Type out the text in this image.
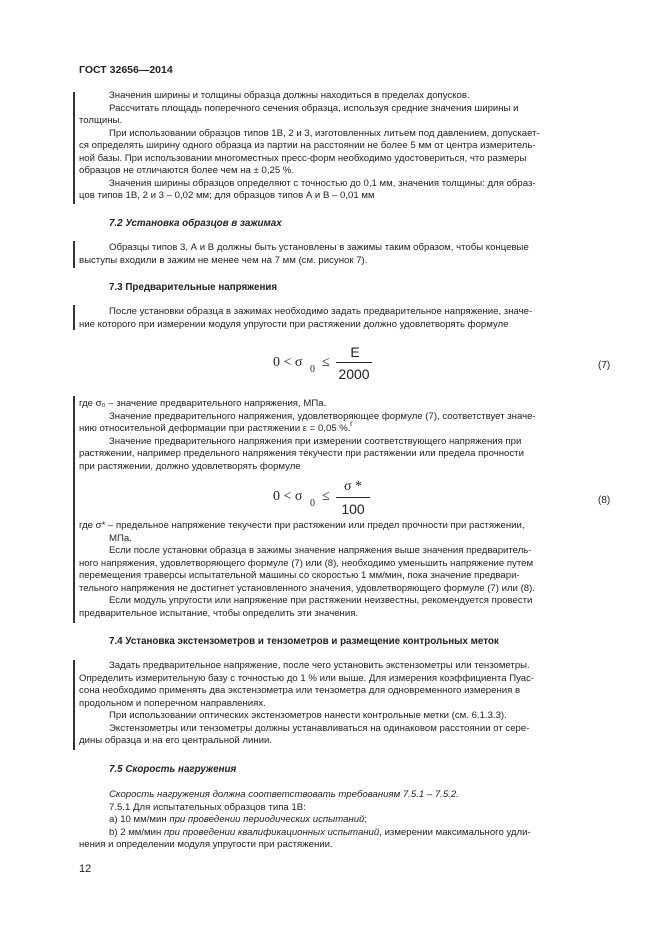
ГОСТ 32656—2014
Значения ширины и толщины образца должны находиться в пределах допусков.
Рассчитать площадь поперечного сечения образца, используя средние значения ширины и
толщины.
При использовании образцов типов 1B, 2 и 3, изготовленных литьем под давлением, допускает-
ся определять ширину одного образца из партии на расстоянии не более 5 мм от центра измеритель-
ной базы. При использовании многоместных пресс-форм необходимо удостовериться, что размеры
образцов не отличаются более чем на ± 0,25 %.
Значения ширины образцов определяют с точностью до 0,1 мм, значения толщины: для образ-
цов типов 1B, 2 и 3 – 0,02 мм; для образцов типов А и В – 0,01 мм
7.2 Установка образцов в зажимах
Образцы типов 3, А и В должны быть установлены в зажимы таким образом, чтобы концевые
выступы входили в зажим не менее чем на 7 мм (см. рисунок 7).
7.3 Предварительные напряжения
После установки образца в зажимах необходимо задать предварительное напряжение, значе-
ние которого при измерении модуля упругости при растяжении должно удовлетворять формуле
0 < σ 0 ≤
E
2000
(7)
где σ₀ – значение предварительного напряжения, МПа.
Значение предварительного напряжения, удовлетворяющее формуле (7), соответствует значе-
нию относительной деформации при растяжении ε = 0,05 %. r
Значение предварительного напряжения при измерении соответствующего напряжения при
растяжении, например предельного напряжения текучести при растяжении или предела прочности
при растяжении, должно удовлетворять формуле
0 < σ 0 ≤
σ *
100
(8)
где σ* – предельное напряжение текучести при растяжении или предел прочности при растяжении,
МПа.
Если после установки образца в зажимы значение напряжения выше значения предваритель-
ного напряжения, удовлетворяющего формуле (7) или (8), необходимо уменьшить напряжение путем
перемещения траверсы испытательной машины со скоростью 1 мм/мин, пока значение предвари-
тельного напряжения не достигнет установленного значения, удовлетворяющего формуле (7) или (8).
Если модуль упругости или напряжение при растяжении неизвестны, рекомендуется провести
предварительное испытание, чтобы определить эти значения.
7.4 Установка экстензометров и тензометров и размещение контрольных меток
Задать предварительное напряжение, после чего установить экстензометры или тензометры.
Определить измерительную базу с точностью до 1 % или выше. Для измерения коэффициента Пуас-
сона необходимо применять два экстензометра или тензометра для одновременного измерения в
продольном и поперечном направлениях.
При использовании оптических экстензометров нанести контрольные метки (см. 6.1.3.3).
Экстензометры или тензометры должны устанавливаться на одинаковом расстоянии от сере-
дины образца и на его центральной линии.
7.5 Скорость нагружения
Скорость нагружения должна соответствовать требованиям 7.5.1 – 7.5.2.
7.5.1 Для испытательных образцов типа 1B:
а) 10 мм/мин при проведении периодических испытаний;
b) 2 мм/мин при проведении квалификационных испытаний, измерении максимального удли-
нения и определении модуля упругости при растяжении.
12
